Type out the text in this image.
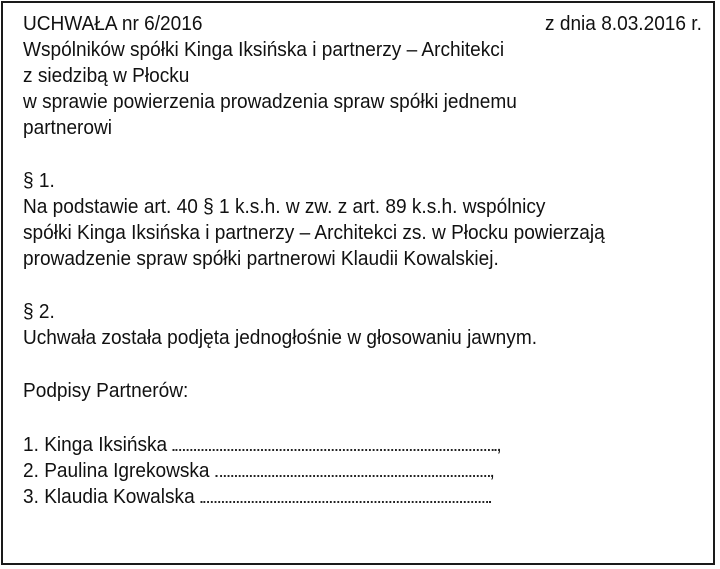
UCHWAŁA nr 6/2016	z dnia 8.03.2016 r.
Wspólników spółki Kinga Iksińska i partnerzy – Architekci
z siedzibą w Płocku
w sprawie powierzenia prowadzenia spraw spółki jednemu
partnerowi
§ 1.
Na podstawie art. 40 § 1 k.s.h. w zw. z art. 89 k.s.h. wspólnicy
spółki Kinga Iksińska i partnerzy – Architekci zs. w Płocku powierzają
prowadzenie spraw spółki partnerowi Klaudii Kowalskiej.
§ 2.
Uchwała została podjęta jednogłośnie w głosowaniu jawnym.
Podpisy Partnerów:
1. Kinga Iksińska	,
2. Paulina Igrekowska	,
3. Klaudia Kowalska
